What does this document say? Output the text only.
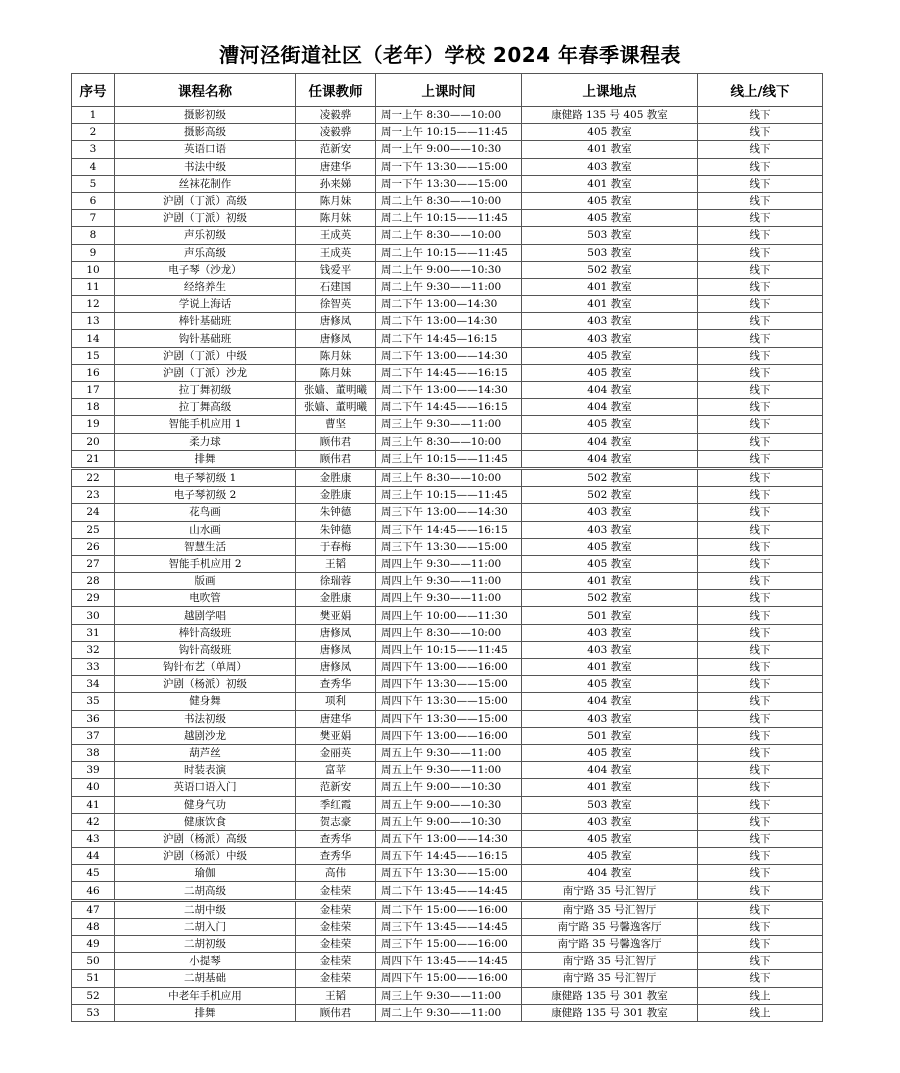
漕河泾街道社区（老年）学校 2024 年春季课程表
序号	课程名称	任课教师	上课时间	上课地点	线上/线下
1	摄影初级	凌毅骅	周一上午 8:30——10:00	康健路 135 号 405 教室	线下
2	摄影高级	凌毅骅	周一上午 10:15——11:45	405 教室	线下
3	英语口语	范新安	周一上午 9:00——10:30	401 教室	线下
4	书法中级	唐建华	周一下午 13:30——15:00	403 教室	线下
5	丝袜花制作	孙来娣	周一下午 13:30——15:00	401 教室	线下
6	沪剧（丁派）高级	陈月妹	周二上午 8:30——10:00	405 教室	线下
7	沪剧（丁派）初级	陈月妹	周二上午 10:15——11:45	405 教室	线下
8	声乐初级	王成英	周二上午 8:30——10:00	503 教室	线下
9	声乐高级	王成英	周二上午 10:15——11:45	503 教室	线下
10	电子琴（沙龙）	钱爱平	周二上午 9:00——10:30	502 教室	线下
11	经络养生	石建国	周二上午 9:30——11:00	401 教室	线下
12	学说上海话	徐智英	周二下午 13:00—14:30	401 教室	线下
13	棒针基础班	唐修凤	周二下午 13:00—14:30	403 教室	线下
14	钩针基础班	唐修凤	周二下午 14:45—16:15	403 教室	线下
15	沪剧（丁派）中级	陈月妹	周二下午 13:00——14:30	405 教室	线下
16	沪剧（丁派）沙龙	陈月妹	周二下午 14:45——16:15	405 教室	线下
17	拉丁舞初级	张嫱、董明曦	周二下午 13:00——14:30	404 教室	线下
18	拉丁舞高级	张嫱、董明曦	周二下午 14:45——16:15	404 教室	线下
19	智能手机应用 1	曹坚	周三上午 9:30——11:00	405 教室	线下
20	柔力球	顾伟君	周三上午 8:30——10:00	404 教室	线下
21	排舞	顾伟君	周三上午 10:15——11:45	404 教室	线下
22	电子琴初级 1	金胜康	周三上午 8:30——10:00	502 教室	线下
23	电子琴初级 2	金胜康	周三上午 10:15——11:45	502 教室	线下
24	花鸟画	朱钟德	周三下午 13:00——14:30	403 教室	线下
25	山水画	朱钟德	周三下午 14:45——16:15	403 教室	线下
26	智慧生活	于春梅	周三下午 13:30——15:00	405 教室	线下
27	智能手机应用 2	王韬	周四上午 9:30——11:00	405 教室	线下
28	版画	徐瑞蓉	周四上午 9:30——11:00	401 教室	线下
29	电吹管	金胜康	周四上午 9:30——11:00	502 教室	线下
30	越剧学唱	樊亚娟	周四上午 10:00——11:30	501 教室	线下
31	棒针高级班	唐修凤	周四上午 8:30——10:00	403 教室	线下
32	钩针高级班	唐修凤	周四上午 10:15——11:45	403 教室	线下
33	钩针布艺（单周）	唐修凤	周四下午 13:00——16:00	401 教室	线下
34	沪剧（杨派）初级	查秀华	周四下午 13:30——15:00	405 教室	线下
35	健身舞	项利	周四下午 13:30——15:00	404 教室	线下
36	书法初级	唐建华	周四下午 13:30——15:00	403 教室	线下
37	越剧沙龙	樊亚娟	周四下午 13:00——16:00	501 教室	线下
38	葫芦丝	金丽英	周五上午 9:30——11:00	405 教室	线下
39	时装表演	富苹	周五上午 9:30——11:00	404 教室	线下
40	英语口语入门	范新安	周五上午 9:00——10:30	401 教室	线下
41	健身气功	季红霞	周五上午 9:00——10:30	503 教室	线下
42	健康饮食	贺志豪	周五上午 9:00——10:30	403 教室	线下
43	沪剧（杨派）高级	查秀华	周五下午 13:00——14:30	405 教室	线下
44	沪剧（杨派）中级	查秀华	周五下午 14:45——16:15	405 教室	线下
45	瑜伽	高伟	周五下午 13:30——15:00	404 教室	线下
46	二胡高级	金桂荣	周二下午 13:45——14:45	南宁路 35 号汇智厅	线下
47	二胡中级	金桂荣	周二下午 15:00——16:00	南宁路 35 号汇智厅	线下
48	二胡入门	金桂荣	周三下午 13:45——14:45	南宁路 35 号馨逸客厅	线下
49	二胡初级	金桂荣	周三下午 15:00——16:00	南宁路 35 号馨逸客厅	线下
50	小提琴	金桂荣	周四下午 13:45——14:45	南宁路 35 号汇智厅	线下
51	二胡基础	金桂荣	周四下午 15:00——16:00	南宁路 35 号汇智厅	线下
52	中老年手机应用	王韬	周三上午 9:30——11:00	康健路 135 号 301 教室	线上
53	排舞	顾伟君	周二上午 9:30——11:00	康健路 135 号 301 教室	线上
